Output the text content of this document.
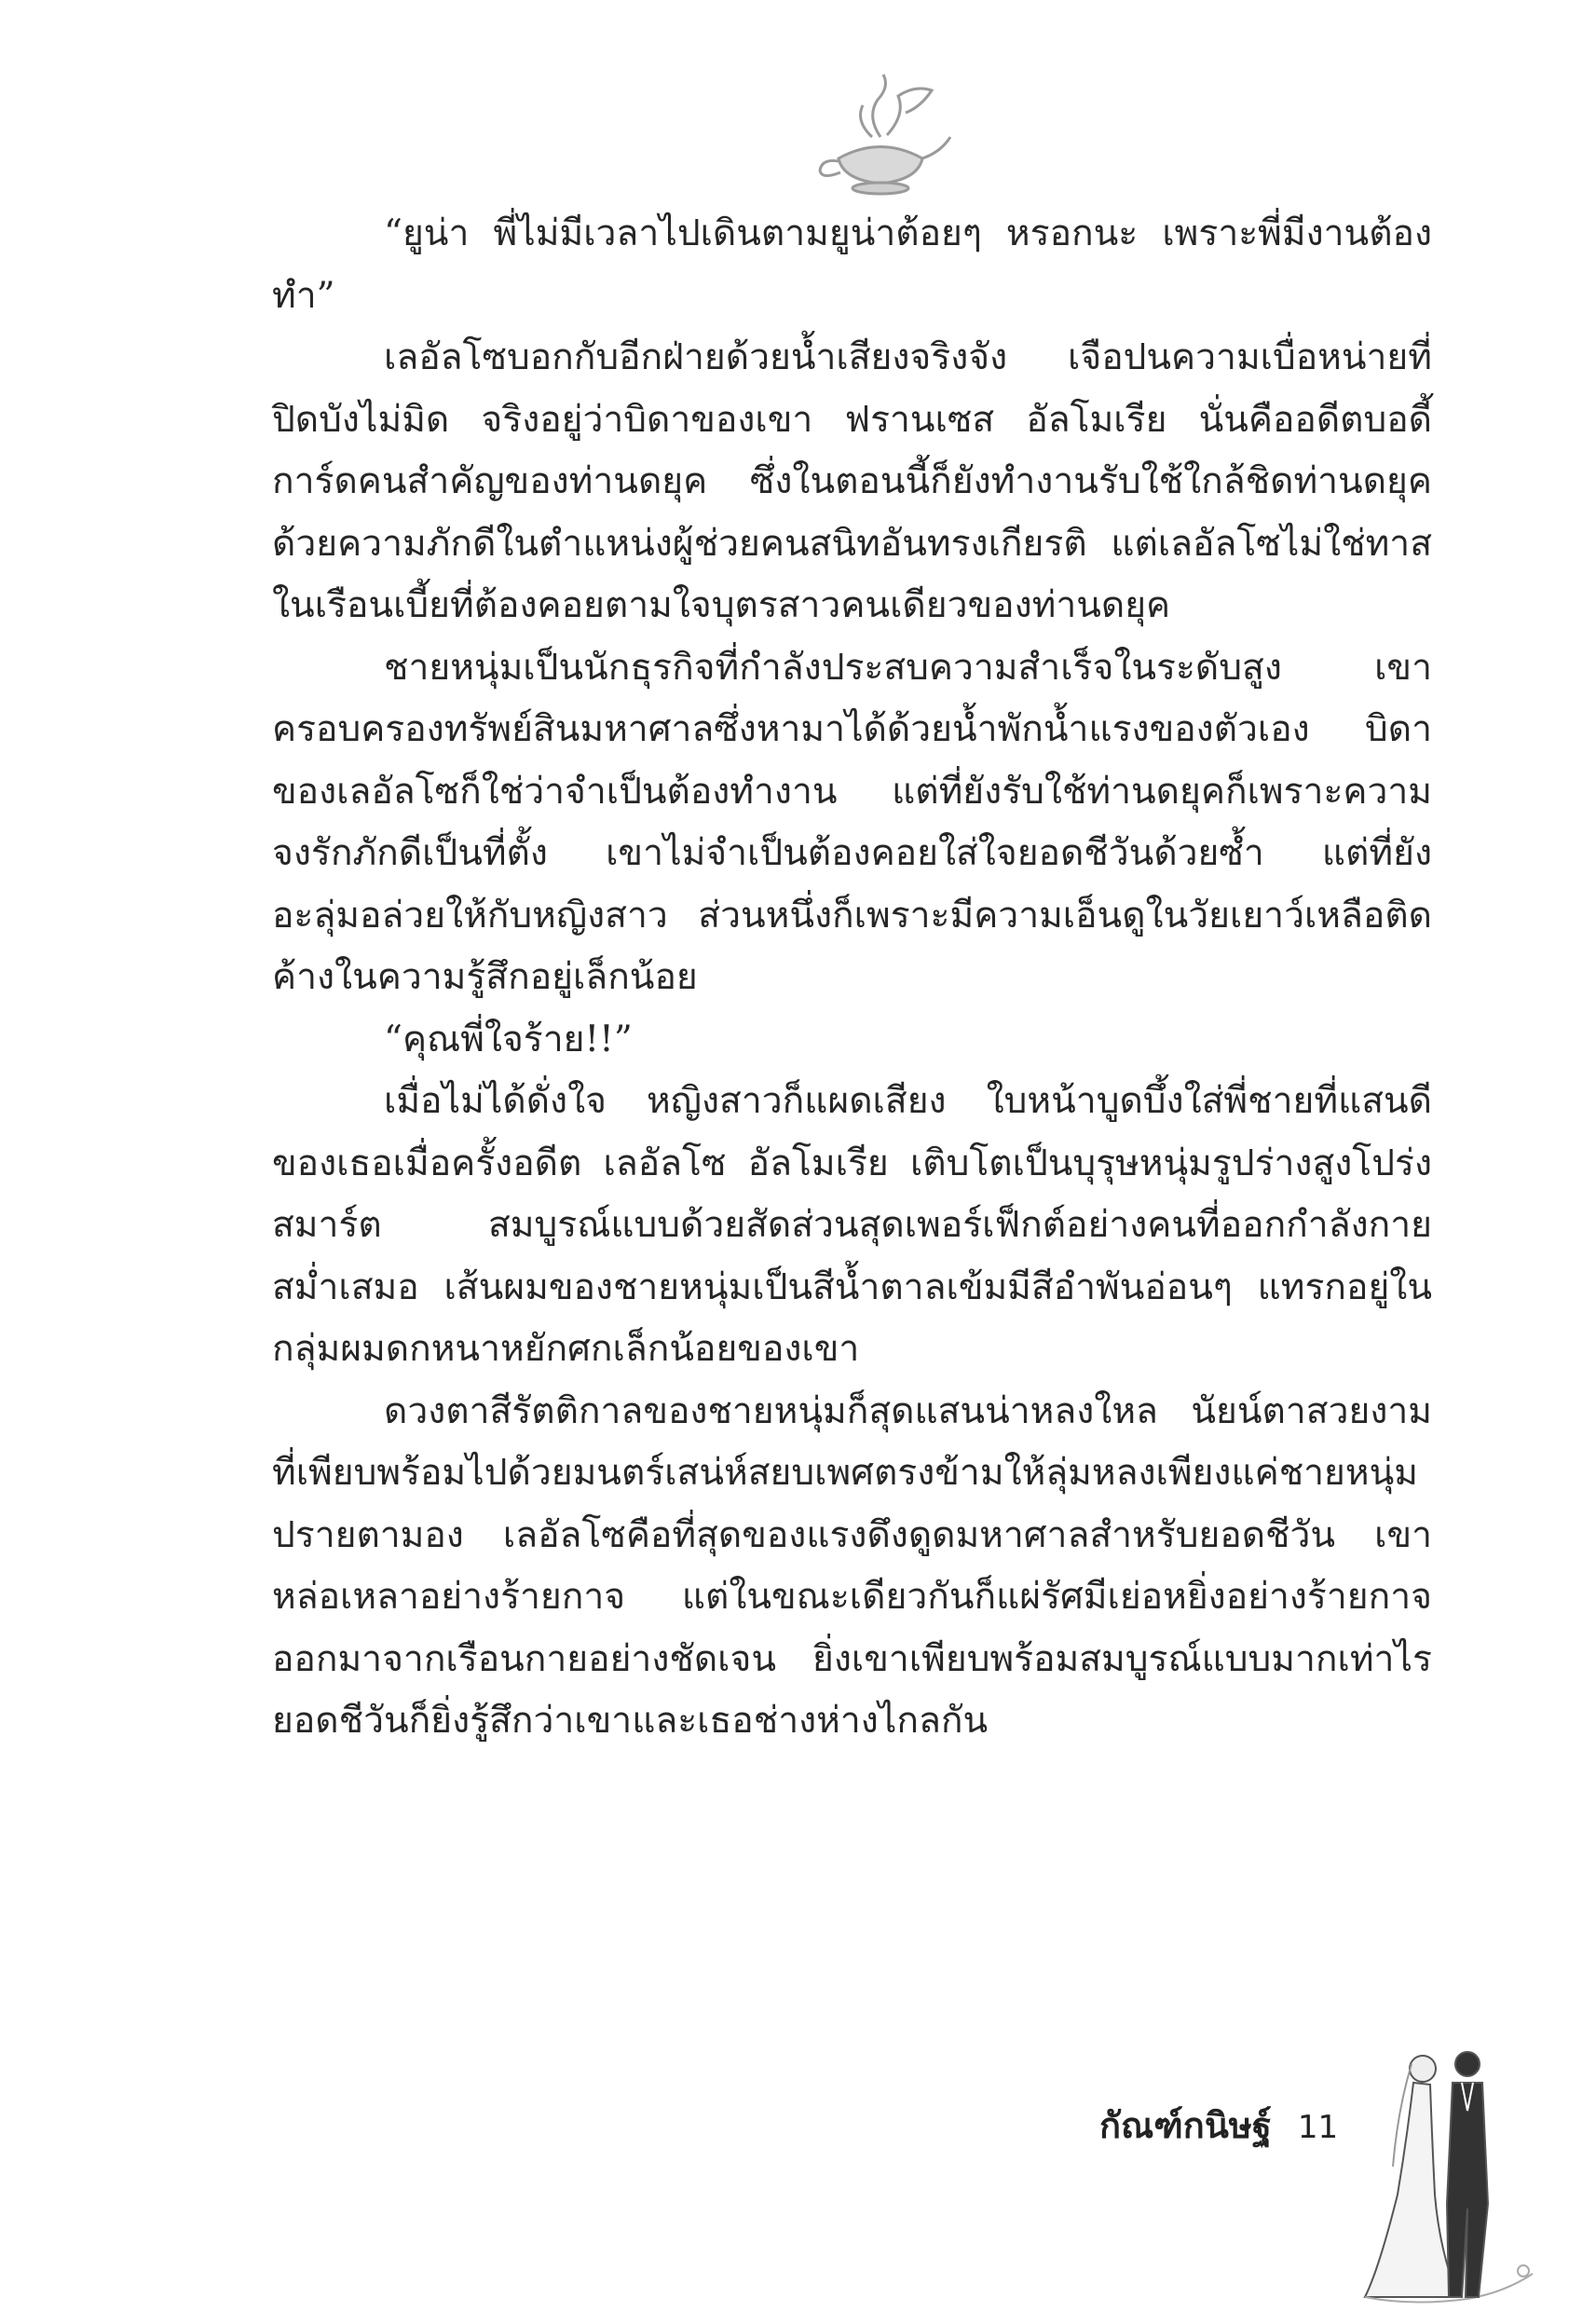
“ยูน่า พี่ไม่มีเวลาไปเดินตามยูน่าต้อยๆ หรอกนะ เพราะพี่มีงานต้องทำ”

เลอัลโซบอกกับอีกฝ่ายด้วยน้ำเสียงจริงจัง เจือปนความเบื่อหน่ายที่ปิดบังไม่มิด จริงอยู่ว่าบิดาของเขา ฟรานเซส อัลโมเรีย นั่นคืออดีตบอดี้การ์ดคนสำคัญของท่านดยุค ซึ่งในตอนนี้ก็ยังทำงานรับใช้ใกล้ชิดท่านดยุคด้วยความภักดีในตำแหน่งผู้ช่วยคนสนิทอันทรงเกียรติ แต่เลอัลโซไม่ใช่ทาสในเรือนเบี้ยที่ต้องคอยตามใจบุตรสาวคนเดียวของท่านดยุค

ชายหนุ่มเป็นนักธุรกิจที่กำลังประสบความสำเร็จในระดับสูง เขาครอบครองทรัพย์สินมหาศาลซึ่งหามาได้ด้วยน้ำพักน้ำแรงของตัวเอง บิดาของเลอัลโซก็ใช่ว่าจำเป็นต้องทำงาน แต่ที่ยังรับใช้ท่านดยุคก็เพราะความจงรักภักดีเป็นที่ตั้ง เขาไม่จำเป็นต้องคอยใส่ใจยอดชีวันด้วยซ้ำ แต่ที่ยังอะลุ่มอล่วยให้กับหญิงสาว ส่วนหนึ่งก็เพราะมีความเอ็นดูในวัยเยาว์เหลือติดค้างในความรู้สึกอยู่เล็กน้อย

“คุณพี่ใจร้าย!!”

เมื่อไม่ได้ดั่งใจ หญิงสาวก็แผดเสียง ใบหน้าบูดบึ้งใส่พี่ชายที่แสนดีของเธอเมื่อครั้งอดีต เลอัลโซ อัลโมเรีย เติบโตเป็นบุรุษหนุ่มรูปร่างสูงโปร่ง สมาร์ต สมบูรณ์แบบด้วยสัดส่วนสุดเพอร์เฟ็กต์อย่างคนที่ออกกำลังกายสม่ำเสมอ เส้นผมของชายหนุ่มเป็นสีน้ำตาลเข้มมีสีอำพันอ่อนๆ แทรกอยู่ในกลุ่มผมดกหนาหยักศกเล็กน้อยของเขา

ดวงตาสีรัตติกาลของชายหนุ่มก็สุดแสนน่าหลงใหล นัยน์ตาสวยงามที่เพียบพร้อมไปด้วยมนตร์เสน่ห์สยบเพศตรงข้ามให้ลุ่มหลงเพียงแค่ชายหนุ่มปรายตามอง เลอัลโซคือที่สุดของแรงดึงดูดมหาศาลสำหรับยอดชีวัน เขาหล่อเหลาอย่างร้ายกาจ แต่ในขณะเดียวกันก็แผ่รัศมีเย่อหยิ่งอย่างร้ายกาจออกมาจากเรือนกายอย่างชัดเจน ยิ่งเขาเพียบพร้อมสมบูรณ์แบบมากเท่าไร ยอดชีวันก็ยิ่งรู้สึกว่าเขาและเธอช่างห่างไกลกัน

กัณฑ์กนิษฐ์ 11
